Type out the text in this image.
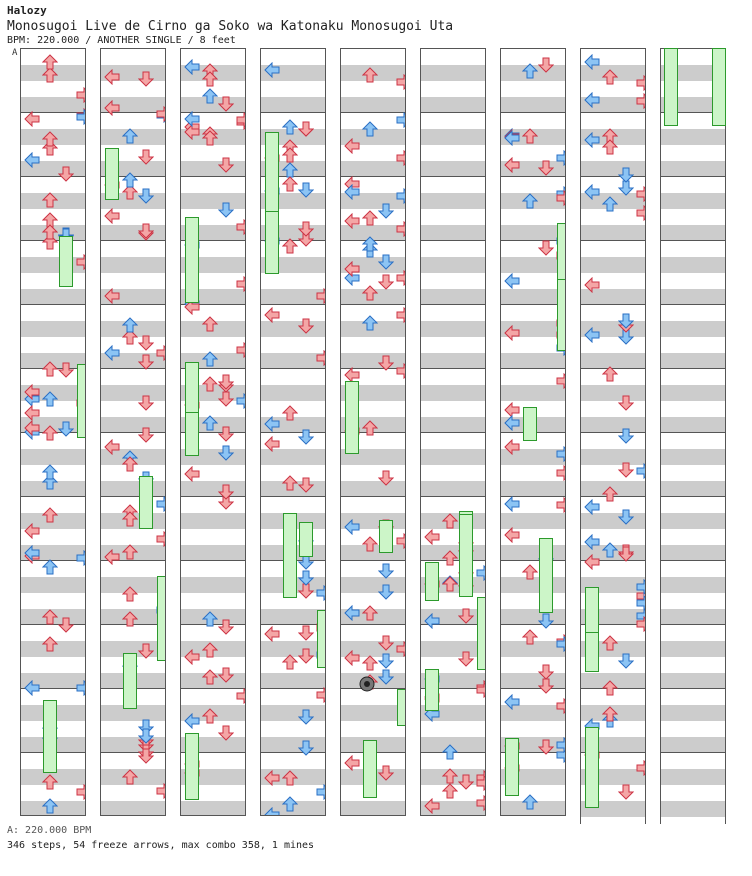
Halozy
Monosugoi Live de Cirno ga Soko wa Katonaku Monosugoi Uta
BPM: 220.000 / ANOTHER SINGLE / 8 feet
A
A: 220.000 BPM
346 steps, 54 freeze arrows, max combo 358, 1 mines
